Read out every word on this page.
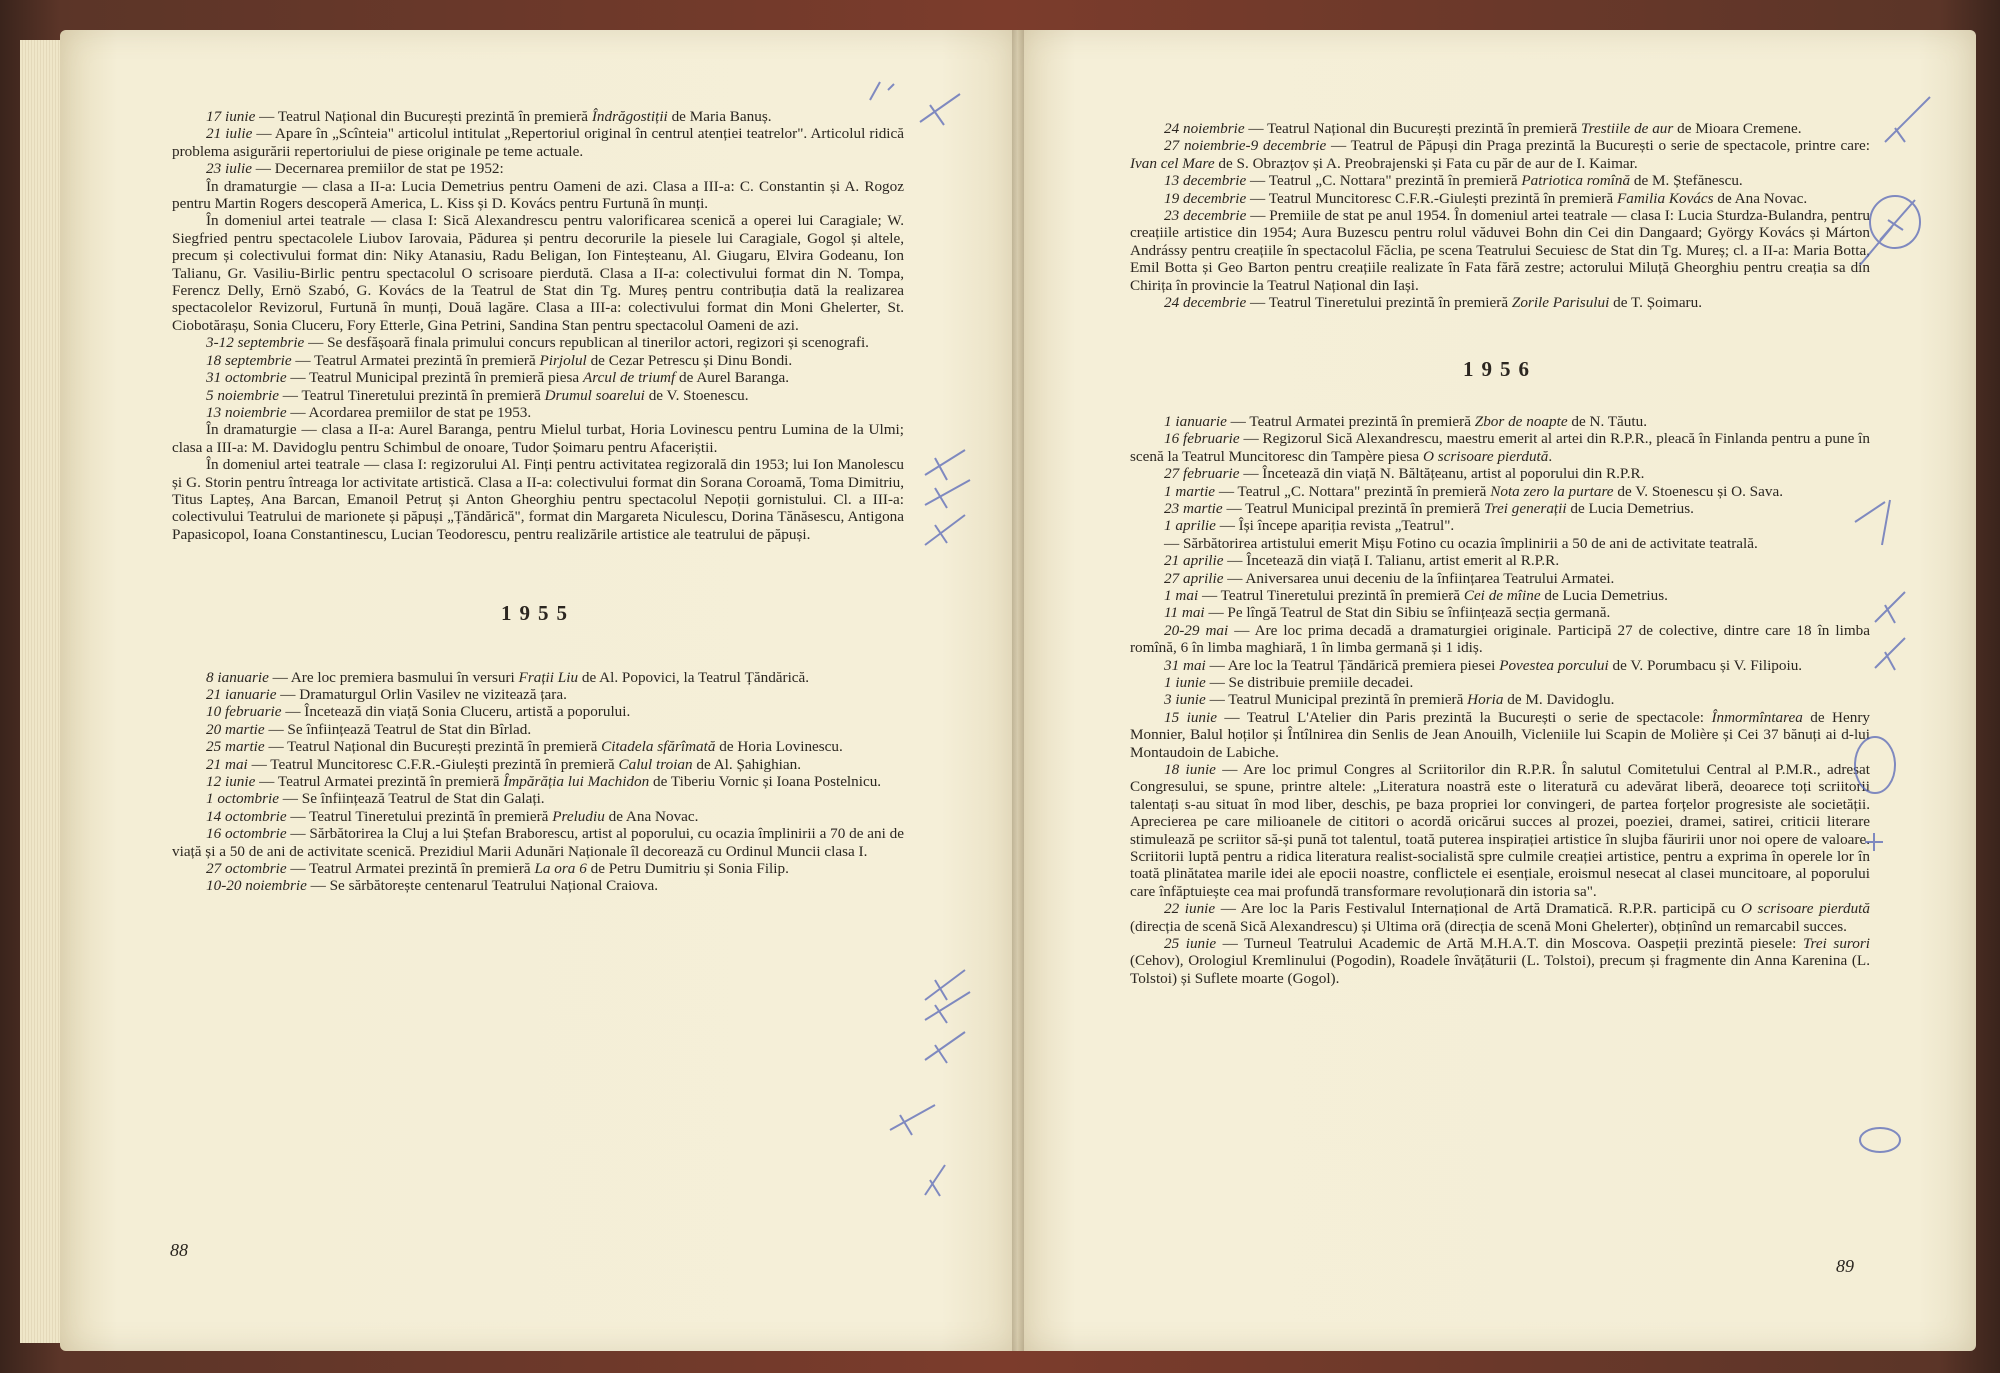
17 iunie — Teatrul Național din București prezintă în premieră Îndrăgostiții de Maria Banuș.

21 iulie — Apare în „Scînteia" articolul intitulat „Repertoriul original în centrul atenției teatrelor". Articolul ridică problema asigurării repertoriului de piese originale pe teme actuale.

23 iulie — Decernarea premiilor de stat pe 1952:

În dramaturgie — clasa a II-a: Lucia Demetrius pentru Oameni de azi. Clasa a III-a: C. Constantin și A. Rogoz pentru Martin Rogers descoperă America, L. Kiss și D. Kovács pentru Furtună în munți.

În domeniul artei teatrale — clasa I: Sică Alexandrescu pentru valorificarea scenică a operei lui Caragiale; W. Siegfried pentru spectacolele Liubov Iarovaia, Pădurea și pentru decorurile la piesele lui Caragiale, Gogol și altele, precum și colectivului format din: Niky Atanasiu, Radu Beligan, Ion Finteșteanu, Al. Giugaru, Elvira Godeanu, Ion Talianu, Gr. Vasiliu-Birlic pentru spectacolul O scrisoare pierdută. Clasa a II-a: colectivului format din N. Tompa, Ferencz Delly, Ernö Szabó, G. Kovács de la Teatrul de Stat din Tg. Mureș pentru contribuția dată la realizarea spectacolelor Revizorul, Furtună în munți, Două lagăre. Clasa a III-a: colectivului format din Moni Ghelerter, St. Ciobotărașu, Sonia Cluceru, Fory Etterle, Gina Petrini, Sandina Stan pentru spectacolul Oameni de azi.

3-12 septembrie — Se desfășoară finala primului concurs republican al tinerilor actori, regizori și scenografi.

18 septembrie — Teatrul Armatei prezintă în premieră Pirjolul de Cezar Petrescu și Dinu Bondi.

31 octombrie — Teatrul Municipal prezintă în premieră piesa Arcul de triumf de Aurel Baranga.

5 noiembrie — Teatrul Tineretului prezintă în premieră Drumul soarelui de V. Stoenescu.

13 noiembrie — Acordarea premiilor de stat pe 1953.

În dramaturgie — clasa a II-a: Aurel Baranga, pentru Mielul turbat, Horia Lovinescu pentru Lumina de la Ulmi; clasa a III-a: M. Davidoglu pentru Schimbul de onoare, Tudor Șoimaru pentru Afaceriștii.

În domeniul artei teatrale — clasa I: regizorului Al. Finți pentru activitatea regizorală din 1953; lui Ion Manolescu și G. Storin pentru întreaga lor activitate artistică. Clasa a II-a: colectivului format din Sorana Coroamă, Toma Dimitriu, Titus Lapteș, Ana Barcan, Emanoil Petruț și Anton Gheorghiu pentru spectacolul Nepoții gornistului. Cl. a III-a: colectivului Teatrului de marionete și păpuși „Țăndărică", format din Margareta Niculescu, Dorina Tănăsescu, Antigona Papasicopol, Ioana Constantinescu, Lucian Teodorescu, pentru realizările artistice ale teatrului de păpuși.

1955

8 ianuarie — Are loc premiera basmului în versuri Frații Liu de Al. Popovici, la Teatrul Țăndărică.

21 ianuarie — Dramaturgul Orlin Vasilev ne vizitează țara.

10 februarie — Încetează din viață Sonia Cluceru, artistă a poporului.

20 martie — Se înființează Teatrul de Stat din Bîrlad.

25 martie — Teatrul Național din București prezintă în premieră Citadela sfărîmată de Horia Lovinescu.

21 mai — Teatrul Muncitoresc C.F.R.-Giulești prezintă în premieră Calul troian de Al. Șahighian.

12 iunie — Teatrul Armatei prezintă în premieră Împărăția lui Machidon de Tiberiu Vornic și Ioana Postelnicu.

1 octombrie — Se înființează Teatrul de Stat din Galați.

14 octombrie — Teatrul Tineretului prezintă în premieră Preludiu de Ana Novac.

16 octombrie — Sărbătorirea la Cluj a lui Ștefan Braborescu, artist al poporului, cu ocazia împlinirii a 70 de ani de viață și a 50 de ani de activitate scenică. Prezidiul Marii Adunări Naționale îl decorează cu Ordinul Muncii clasa I.

27 octombrie — Teatrul Armatei prezintă în premieră La ora 6 de Petru Dumitriu și Sonia Filip.

10-20 noiembrie — Se sărbătorește centenarul Teatrului Național Craiova.

24 noiembrie — Teatrul Național din București prezintă în premieră Trestiile de aur de Mioara Cremene.

27 noiembrie-9 decembrie — Teatrul de Păpuși din Praga prezintă la București o serie de spectacole, printre care: Ivan cel Mare de S. Obrazțov și A. Preobrajenski și Fata cu păr de aur de I. Kaimar.

13 decembrie — Teatrul „C. Nottara" prezintă în premieră Patriotica romînă de M. Ștefănescu.

19 decembrie — Teatrul Muncitoresc C.F.R.-Giulești prezintă în premieră Familia Kovács de Ana Novac.

23 decembrie — Premiile de stat pe anul 1954. În domeniul artei teatrale — clasa I: Lucia Sturdza-Bulandra, pentru creațiile artistice din 1954; Aura Buzescu pentru rolul văduvei Bohn din Cei din Dangaard; György Kovács și Márton Andrássy pentru creațiile în spectacolul Făclia, pe scena Teatrului Secuiesc de Stat din Tg. Mureș; cl. a II-a: Maria Botta, Emil Botta și Geo Barton pentru creațiile realizate în Fata fără zestre; actorului Miluță Gheorghiu pentru creația sa din Chirița în provincie la Teatrul Național din Iași.

24 decembrie — Teatrul Tineretului prezintă în premieră Zorile Parisului de T. Șoimaru.

1956

1 ianuarie — Teatrul Armatei prezintă în premieră Zbor de noapte de N. Tăutu.

16 februarie — Regizorul Sică Alexandrescu, maestru emerit al artei din R.P.R., pleacă în Finlanda pentru a pune în scenă la Teatrul Muncitoresc din Tampère piesa O scrisoare pierdută.

27 februarie — Încetează din viață N. Băltățeanu, artist al poporului din R.P.R.

1 martie — Teatrul „C. Nottara" prezintă în premieră Nota zero la purtare de V. Stoenescu și O. Sava.

23 martie — Teatrul Municipal prezintă în premieră Trei generații de Lucia Demetrius.

1 aprilie — Își începe apariția revista „Teatrul".

— Sărbătorirea artistului emerit Mișu Fotino cu ocazia împlinirii a 50 de ani de activitate teatrală.

21 aprilie — Încetează din viață I. Talianu, artist emerit al R.P.R.

27 aprilie — Aniversarea unui deceniu de la înființarea Teatrului Armatei.

1 mai — Teatrul Tineretului prezintă în premieră Cei de mîine de Lucia Demetrius.

11 mai — Pe lîngă Teatrul de Stat din Sibiu se înființează secția germană.

20-29 mai — Are loc prima decadă a dramaturgiei originale. Participă 27 de colective, dintre care 18 în limba romînă, 6 în limba maghiară, 1 în limba germană și 1 idiș.

31 mai — Are loc la Teatrul Țăndărică premiera piesei Povestea porcului de V. Porumbacu și V. Filipoiu.

1 iunie — Se distribuie premiile decadei.

3 iunie — Teatrul Municipal prezintă în premieră Horia de M. Davidoglu.

15 iunie — Teatrul L'Atelier din Paris prezintă la București o serie de spectacole: Înmormîntarea de Henry Monnier, Balul hoților și Întîlnirea din Senlis de Jean Anouilh, Vicleniile lui Scapin de Molière și Cei 37 bănuți ai d-lui Montaudoin de Labiche.

18 iunie — Are loc primul Congres al Scriitorilor din R.P.R. În salutul Comitetului Central al P.M.R., adresat Congresului, se spune, printre altele: „Literatura noastră este o literatură cu adevărat liberă, deoarece toți scriitorii talentați s-au situat în mod liber, deschis, pe baza propriei lor convingeri, de partea forțelor progresiste ale societății. Aprecierea pe care milioanele de cititori o acordă oricărui succes al prozei, poeziei, dramei, satirei, criticii literare stimulează pe scriitor să-și pună tot talentul, toată puterea inspirației artistice în slujba făuririi unor noi opere de valoare. Scriitorii luptă pentru a ridica literatura realist-socialistă spre culmile creației artistice, pentru a exprima în operele lor în toată plinătatea marile idei ale epocii noastre, conflictele ei esențiale, eroismul nesecat al clasei muncitoare, al poporului care înfăptuiește cea mai profundă transformare revoluționară din istoria sa".

22 iunie — Are loc la Paris Festivalul Internațional de Artă Dramatică. R.P.R. participă cu O scrisoare pierdută (direcția de scenă Sică Alexandrescu) și Ultima oră (direcția de scenă Moni Ghelerter), obținînd un remarcabil succes.

25 iunie — Turneul Teatrului Academic de Artă M.H.A.T. din Moscova. Oaspeții prezintă piesele: Trei surori (Cehov), Orologiul Kremlinului (Pogodin), Roadele învățăturii (L. Tolstoi), precum și fragmente din Anna Karenina (L. Tolstoi) și Suflete moarte (Gogol).

88
89
